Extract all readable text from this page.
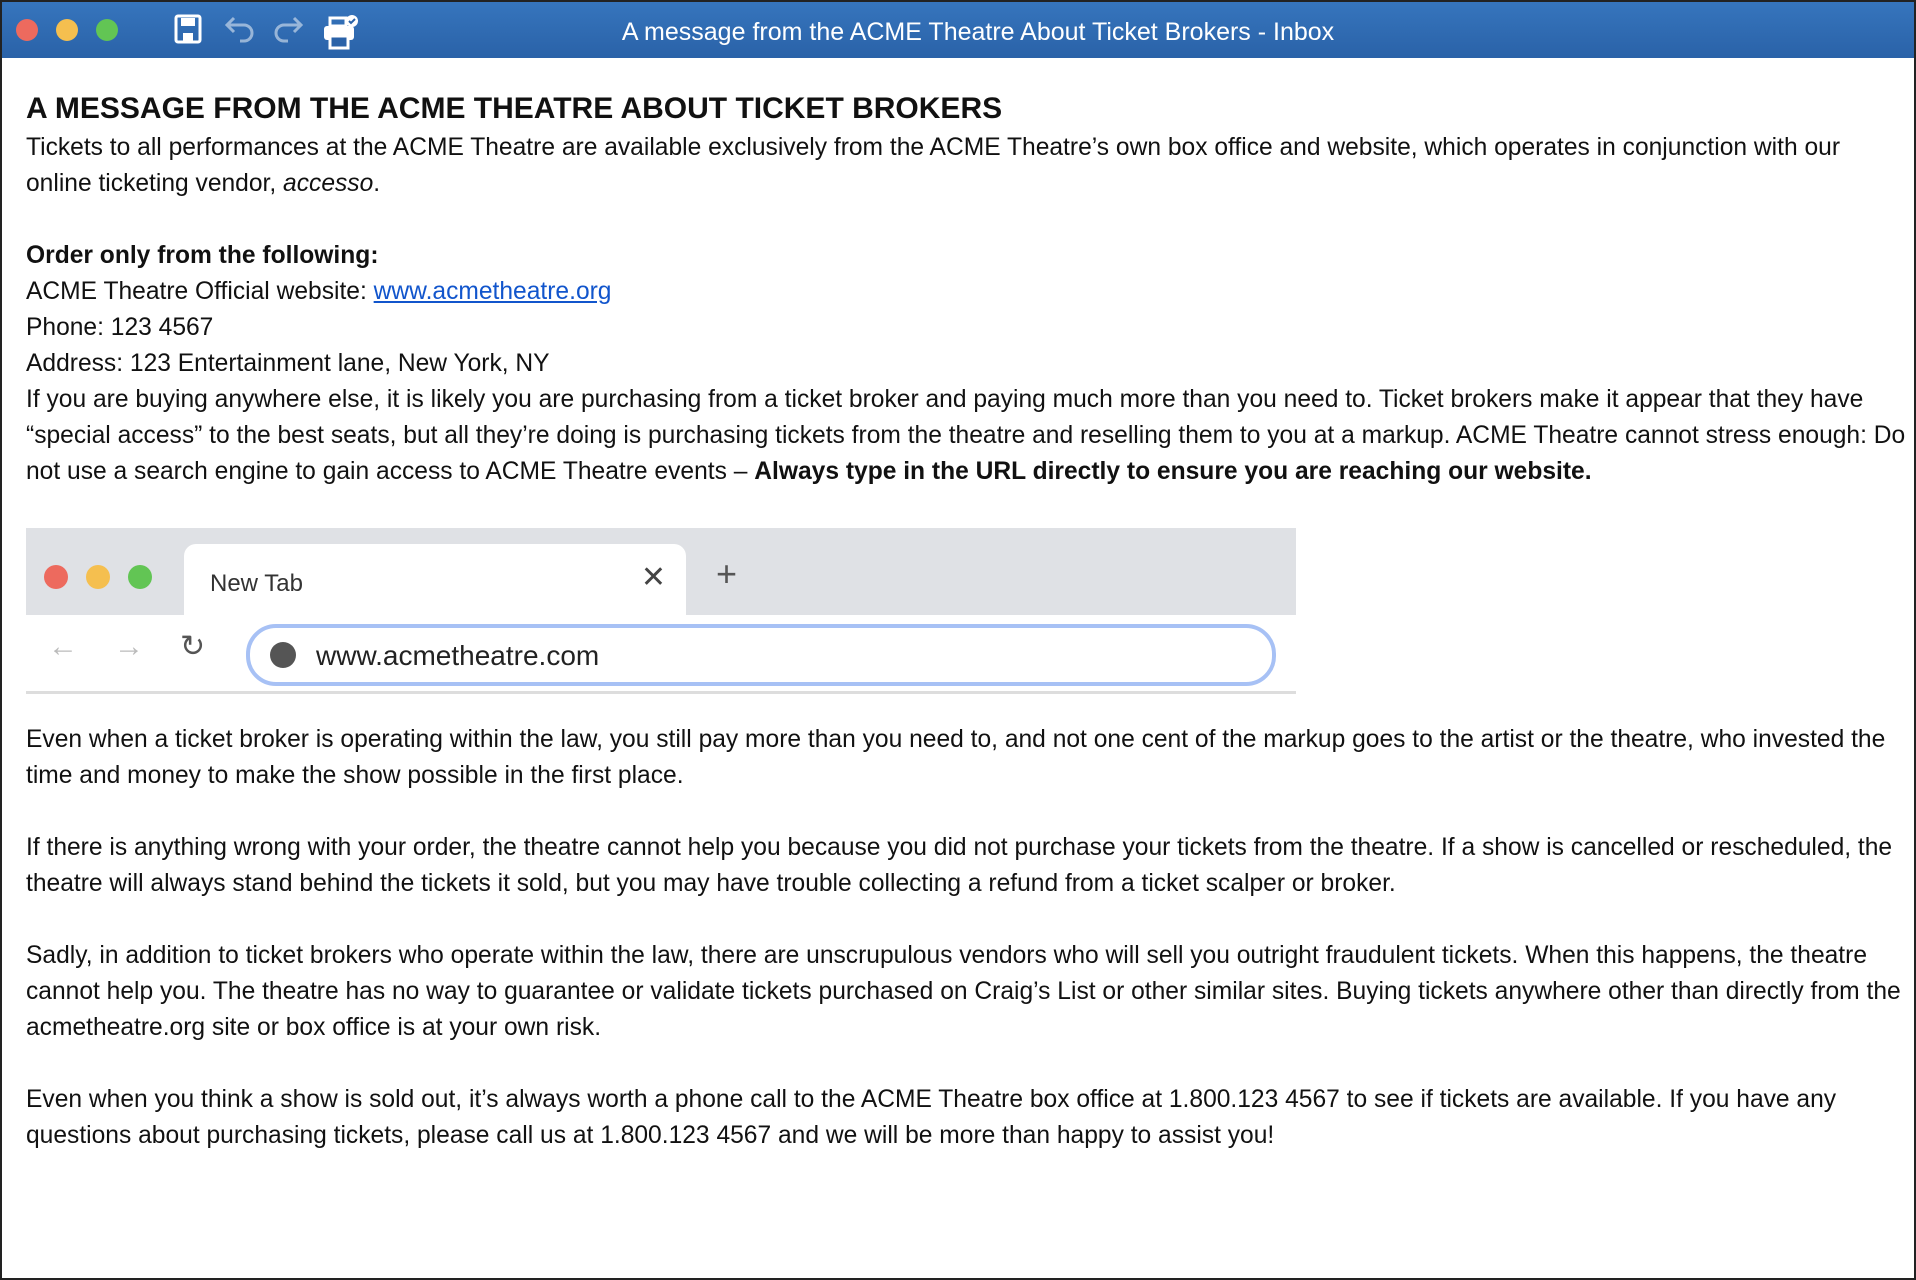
A message from the ACME Theatre About Ticket Brokers - Inbox
A MESSAGE FROM THE ACME THEATRE ABOUT TICKET BROKERS

Tickets to all performances at the ACME Theatre are available exclusively from the ACME Theatre’s own box office and website, which operates in conjunction with our online ticketing vendor, accesso.

Order only from the following:

ACME Theatre Official website: www.acmetheatre.org

Phone: 123 4567

Address: 123 Entertainment lane, New York, NY

If you are buying anywhere else, it is likely you are purchasing from a ticket broker and paying much more than you need to. Ticket brokers make it appear that they have “special access” to the best seats, but all they’re doing is purchasing tickets from the theatre and reselling them to you at a markup. ACME Theatre cannot stress enough: Do not use a search engine to gain access to ACME Theatre events – Always type in the URL directly to ensure you are reaching our website.

New Tab	✕ +
← → ↻	www.acmetheatre.com

Even when a ticket broker is operating within the law, you still pay more than you need to, and not one cent of the markup goes to the artist or the theatre, who invested the time and money to make the show possible in the first place.

If there is anything wrong with your order, the theatre cannot help you because you did not purchase your tickets from the theatre. If a show is cancelled or rescheduled, the theatre will always stand behind the tickets it sold, but you may have trouble collecting a refund from a ticket scalper or broker.

Sadly, in addition to ticket brokers who operate within the law, there are unscrupulous vendors who will sell you outright fraudulent tickets. When this happens, the theatre cannot help you. The theatre has no way to guarantee or validate tickets purchased on Craig’s List or other similar sites. Buying tickets anywhere other than directly from the acmetheatre.org site or box office is at your own risk.

Even when you think a show is sold out, it’s always worth a phone call to the ACME Theatre box office at 1.800.123 4567 to see if tickets are available. If you have any questions about purchasing tickets, please call us at 1.800.123 4567 and we will be more than happy to assist you!
